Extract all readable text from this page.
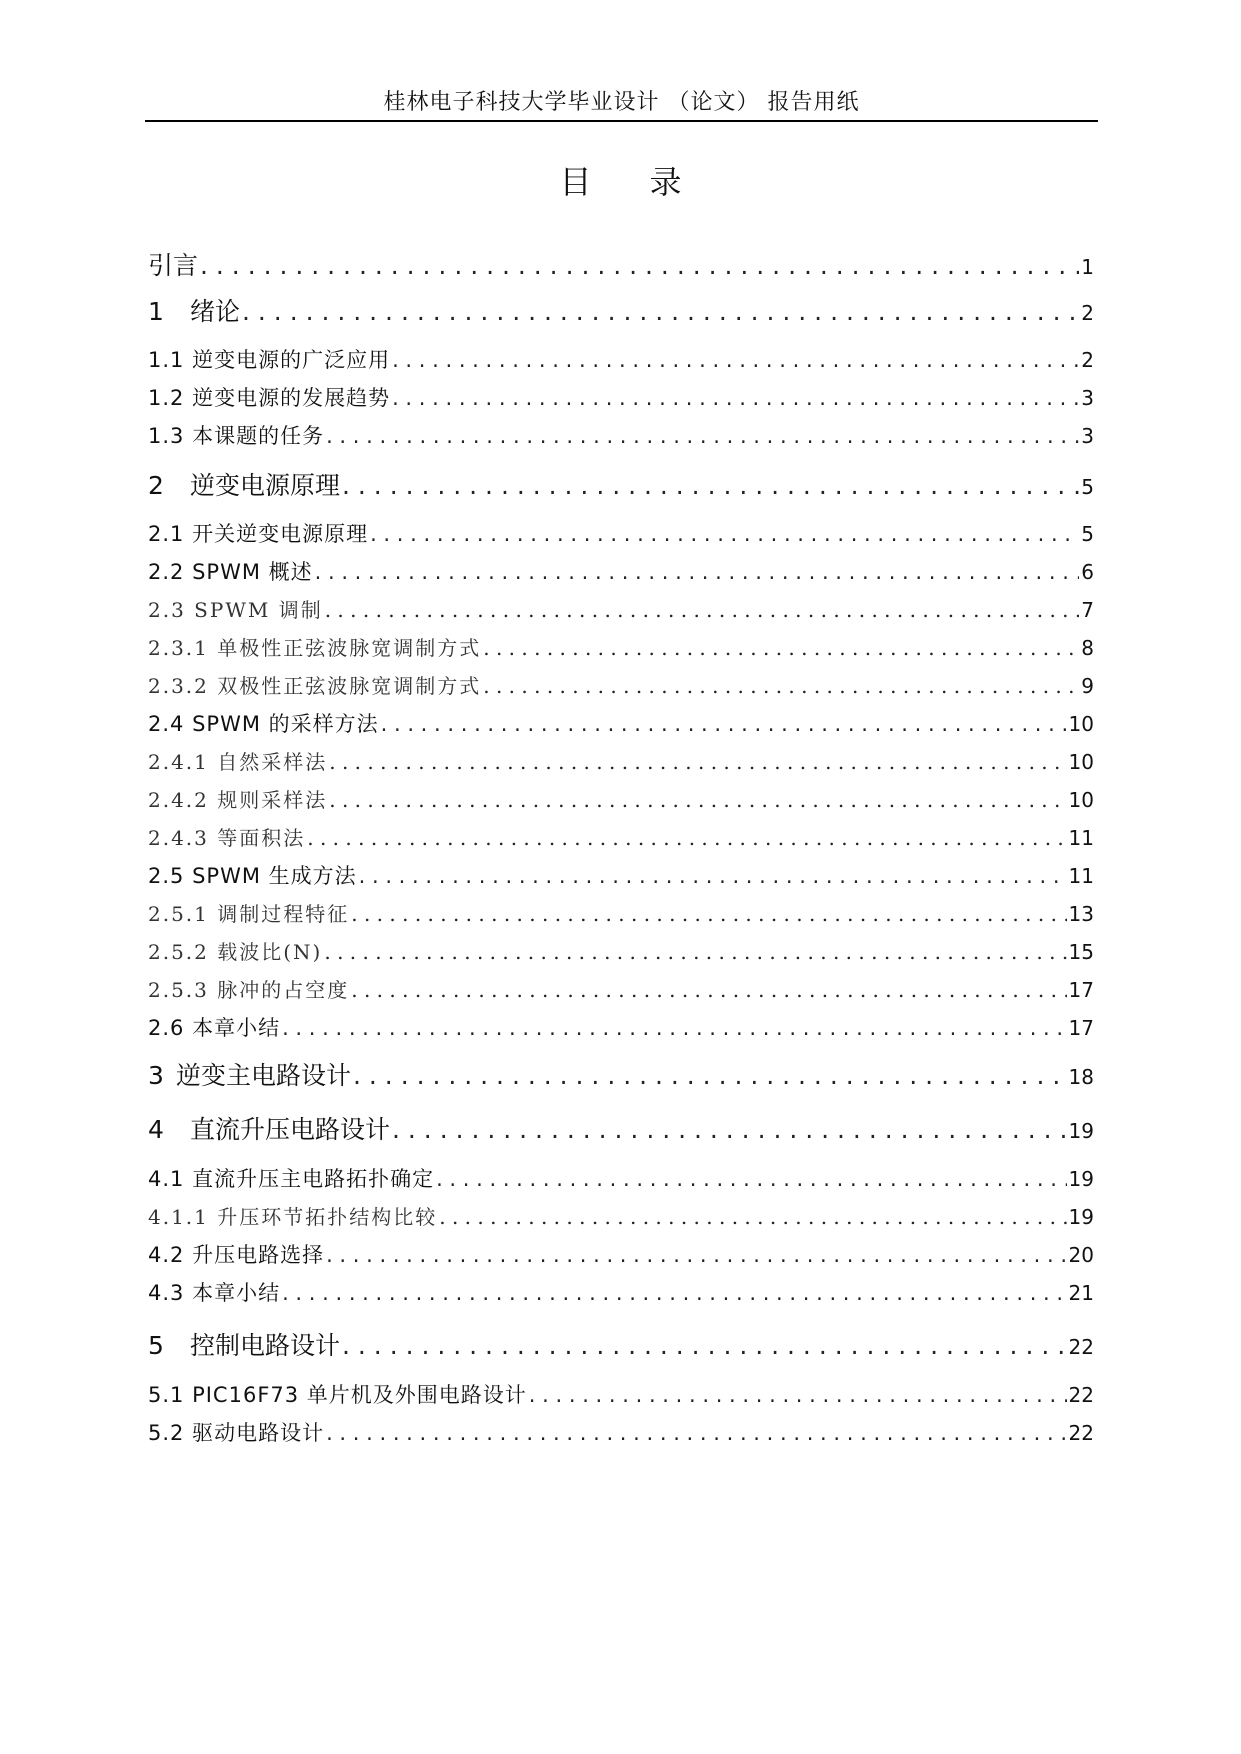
桂林电子科技大学毕业设计 （论文） 报告用纸
目录
引言 . . .	1
1 绪论 . . .	2
1.1 逆变电源的广泛应用 . . .	2
1.2 逆变电源的发展趋势 . . .	3
1.3 本课题的任务 . . .	3
2 逆变电源原理 . . .	5
2.1 开关逆变电源原理 . . .	5
2.2 SPWM 概述 . . .	6
2.3 SPWM 调制 . . .	7
2.3.1 单极性正弦波脉宽调制方式 . . .	8
2.3.2 双极性正弦波脉宽调制方式 . . .	9
2.4 SPWM 的采样方法 . . .	10
2.4.1 自然采样法 . . .	10
2.4.2 规则采样法 . . .	10
2.4.3 等面积法 . . .	11
2.5 SPWM 生成方法 . . .	11
2.5.1 调制过程特征 . . .	13
2.5.2 载波比(N) . . .	15
2.5.3 脉冲的占空度 . . .	17
2.6 本章小结 . . .	17
3 逆变主电路设计 . . .	18
4 直流升压电路设计 . . .	19
4.1 直流升压主电路拓扑确定 . . .	19
4.1.1 升压环节拓扑结构比较 . . .	19
4.2 升压电路选择 . . .	20
4.3 本章小结 . . .	21
5 控制电路设计 . . .	22
5.1 PIC16F73 单片机及外围电路设计 . . .	22
5.2 驱动电路设计 . . .	22
